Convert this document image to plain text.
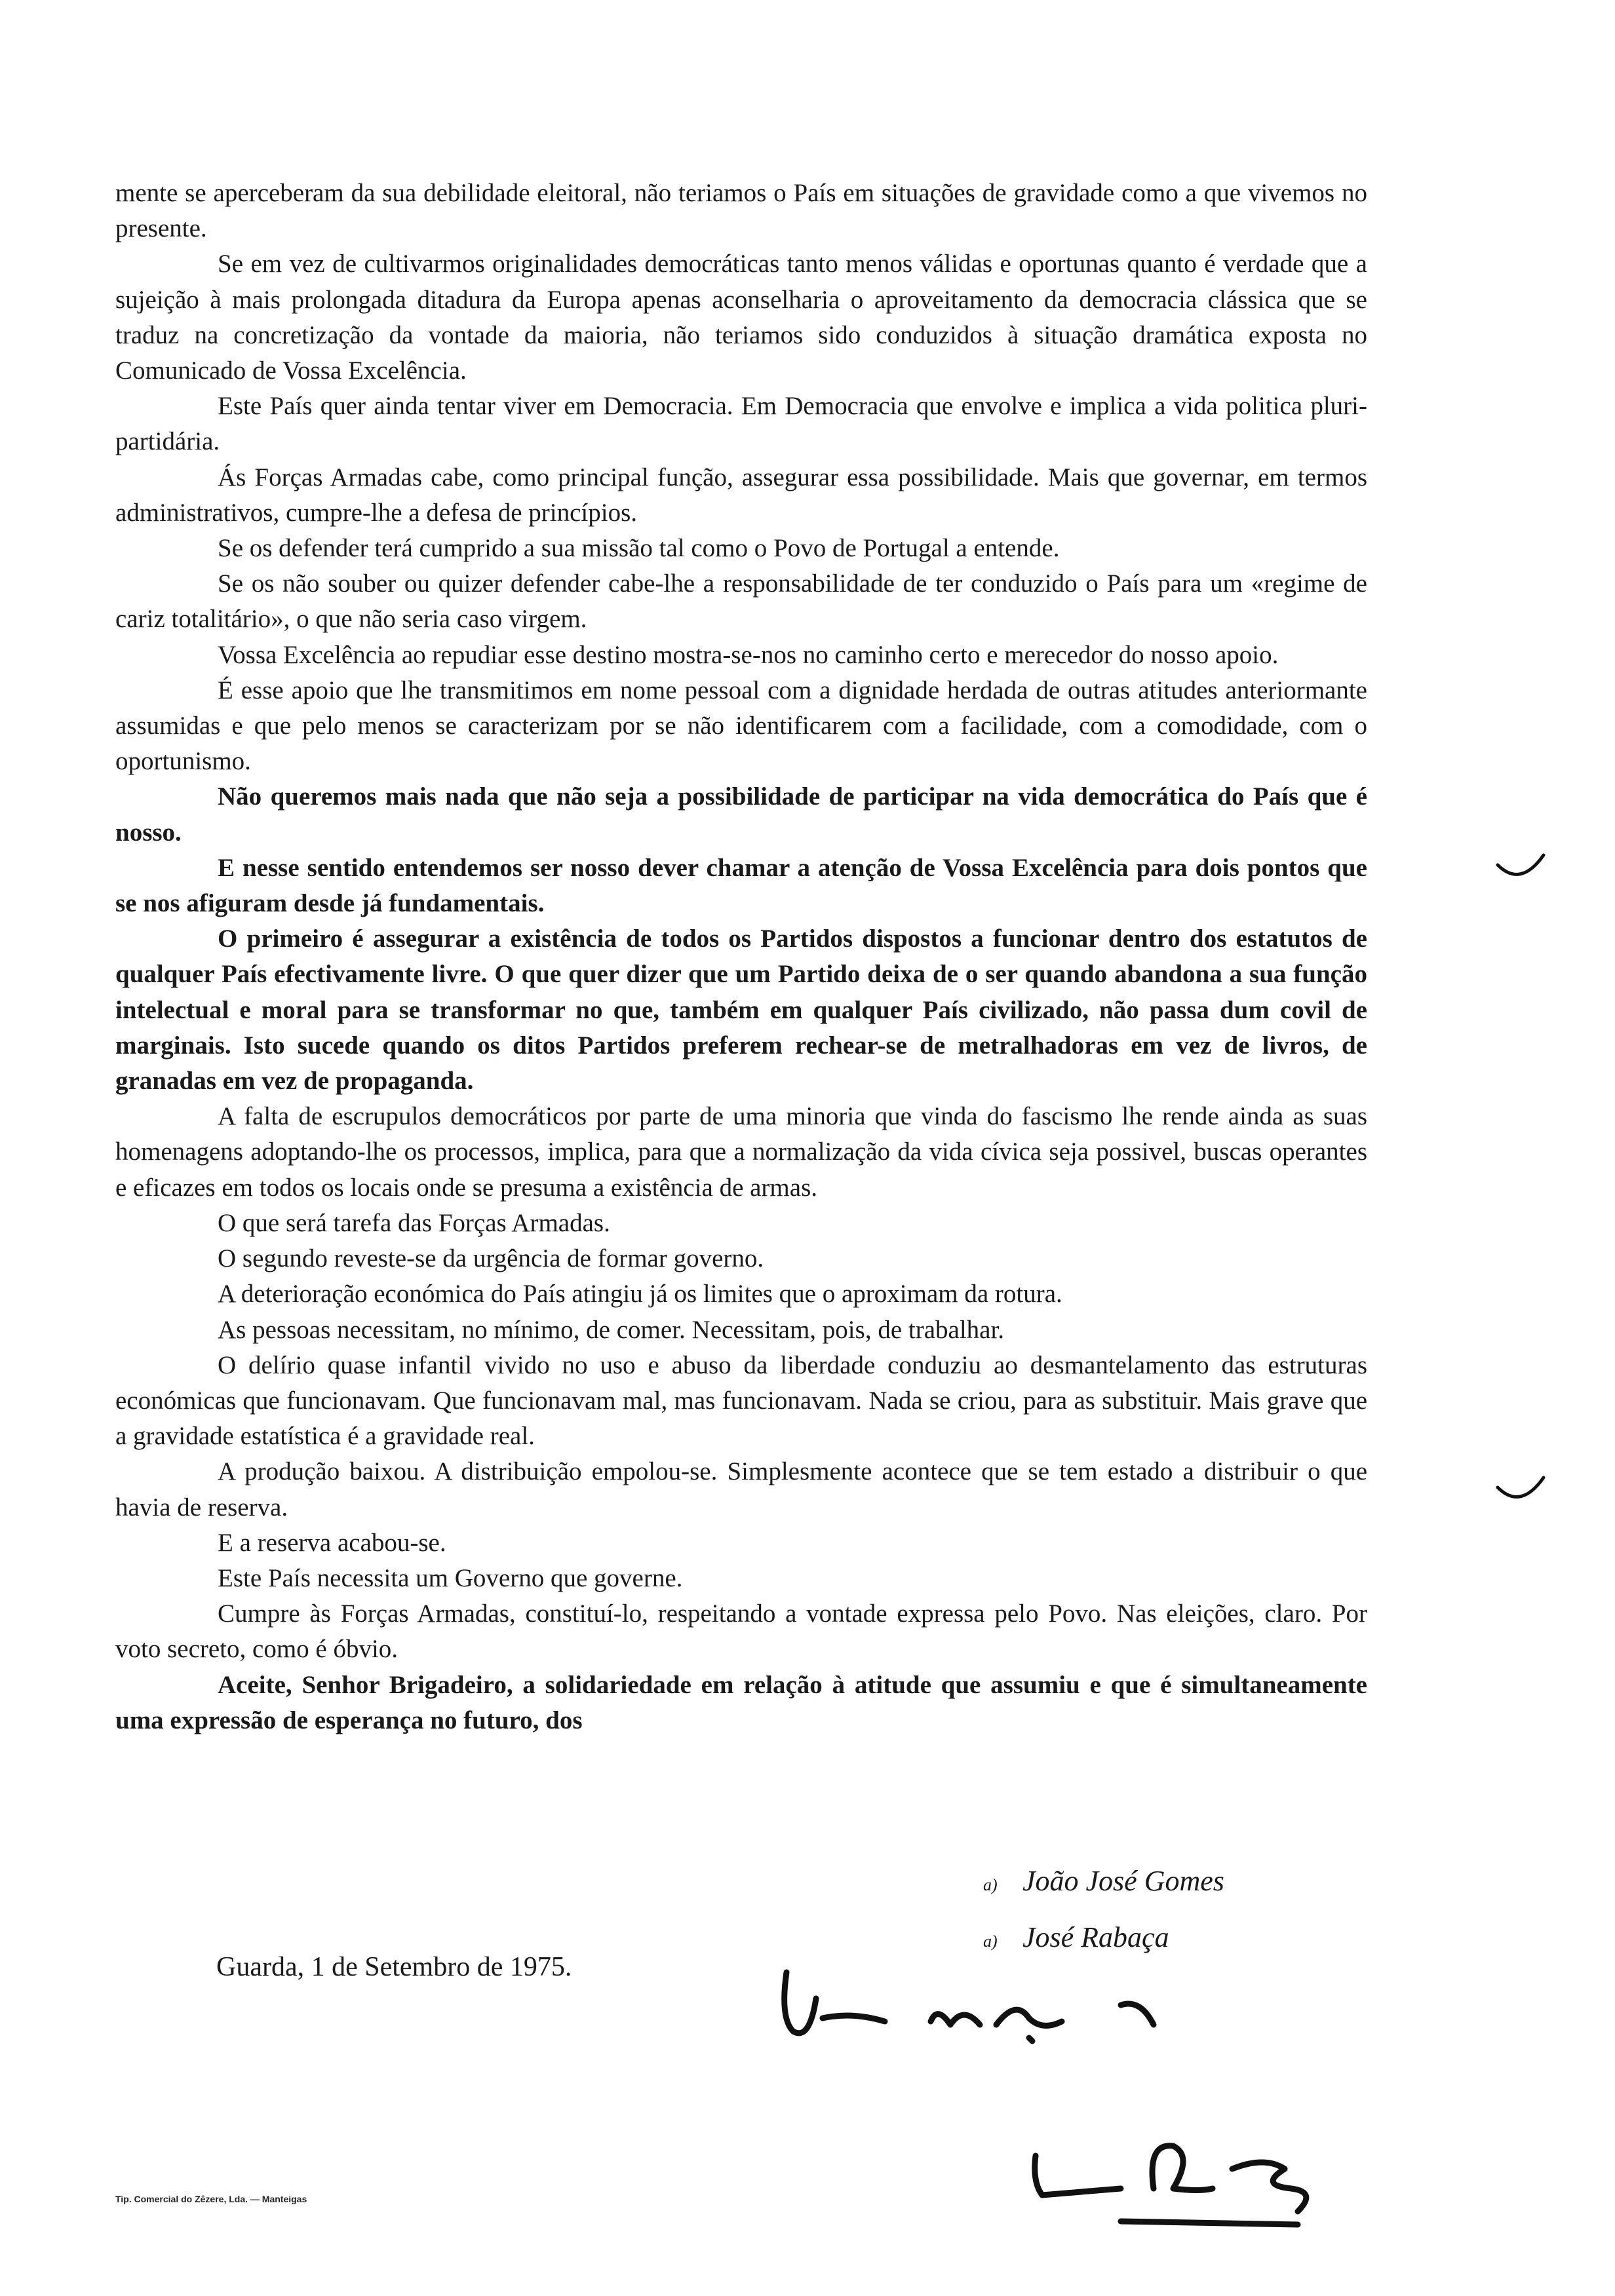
mente se aperceberam da sua debilidade eleitoral, não teriamos o País em situações de gravidade como a que vivemos no presente.

Se em vez de cultivarmos originalidades democráticas tanto menos válidas e oportunas quanto é verdade que a sujeição à mais prolongada ditadura da Europa apenas aconselharia o aproveitamento da democracia clássica que se traduz na concretização da vontade da maioria, não teriamos sido conduzidos à situação dramática exposta no Comunicado de Vossa Excelência.

Este País quer ainda tentar viver em Democracia. Em Democracia que envolve e implica a vida politica pluri-partidária.

Ás Forças Armadas cabe, como principal função, assegurar essa possibilidade. Mais que governar, em termos administrativos, cumpre-lhe a defesa de princípios.

Se os defender terá cumprido a sua missão tal como o Povo de Portugal a entende.

Se os não souber ou quizer defender cabe-lhe a responsabilidade de ter conduzido o País para um «regime de cariz totalitário», o que não seria caso virgem.

Vossa Excelência ao repudiar esse destino mostra-se-nos no caminho certo e merecedor do nosso apoio.

É esse apoio que lhe transmitimos em nome pessoal com a dignidade herdada de outras atitudes anteriormante assumidas e que pelo menos se caracterizam por se não identificarem com a facilidade, com a comodidade, com o oportunismo.

Não queremos mais nada que não seja a possibilidade de participar na vida democrática do País que é nosso.

E nesse sentido entendemos ser nosso dever chamar a atenção de Vossa Excelência para dois pontos que se nos afiguram desde já fundamentais.

O primeiro é assegurar a existência de todos os Partidos dispostos a funcionar dentro dos estatutos de qualquer País efectivamente livre. O que quer dizer que um Partido deixa de o ser quando abandona a sua função intelectual e moral para se transformar no que, também em qualquer País civilizado, não passa dum covil de marginais. Isto sucede quando os ditos Partidos preferem rechear-se de metralhadoras em vez de livros, de granadas em vez de propaganda.

A falta de escrupulos democráticos por parte de uma minoria que vinda do fascismo lhe rende ainda as suas homenagens adoptando-lhe os processos, implica, para que a normalização da vida cívica seja possivel, buscas operantes e eficazes em todos os locais onde se presuma a existência de armas.

O que será tarefa das Forças Armadas.

O segundo reveste-se da urgência de formar governo.

A deterioração económica do País atingiu já os limites que o aproximam da rotura.

As pessoas necessitam, no mínimo, de comer. Necessitam, pois, de trabalhar.

O delírio quase infantil vivido no uso e abuso da liberdade conduziu ao desmantelamento das estruturas económicas que funcionavam. Que funcionavam mal, mas funcionavam. Nada se criou, para as substituir. Mais grave que a gravidade estatística é a gravidade real.

A produção baixou. A distribuição empolou-se. Simplesmente acontece que se tem estado a distribuir o que havia de reserva.

E a reserva acabou-se.

Este País necessita um Governo que governe.

Cumpre às Forças Armadas, constituí-lo, respeitando a vontade expressa pelo Povo. Nas eleições, claro. Por voto secreto, como é óbvio.

Aceite, Senhor Brigadeiro, a solidariedade em relação à atitude que assumiu e que é simultaneamente uma expressão de esperança no futuro, dos

a) João José Gomes
a) José Rabaça
Guarda, 1 de Setembro de 1975.
Tip. Comercial do Zêzere, Lda. — Manteigas
